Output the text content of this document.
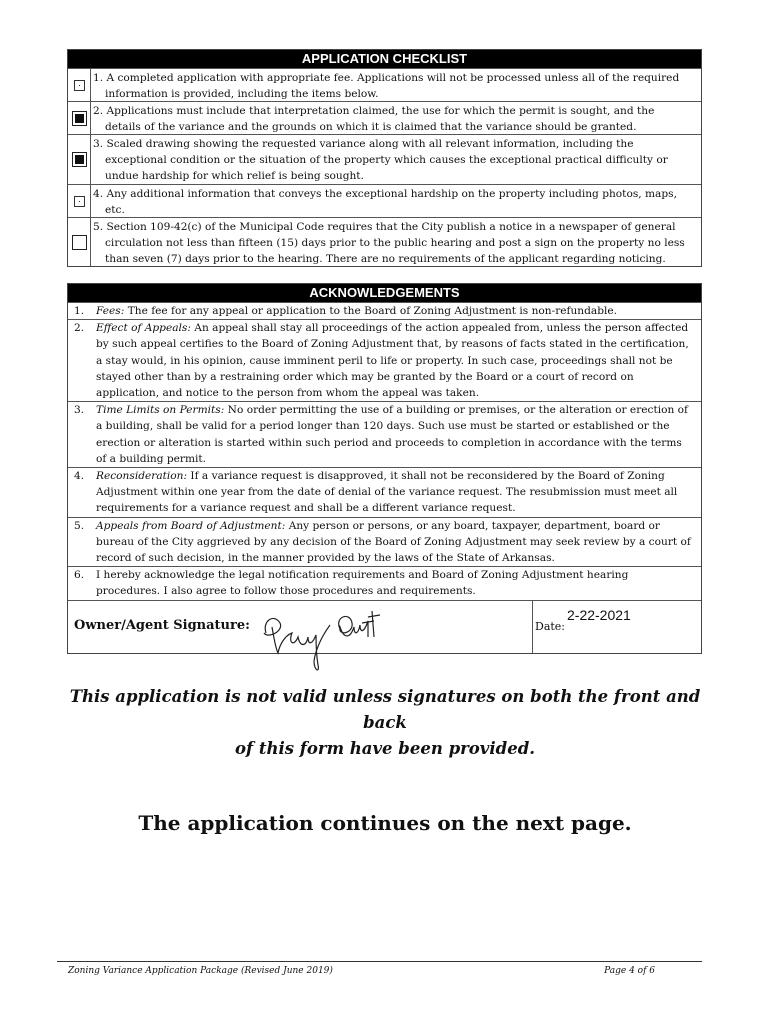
APPLICATION CHECKLIST
1. A completed application with appropriate fee. Applications will not be processed unless all of the required
information is provided, including the items below.
2. Applications must include that interpretation claimed, the use for which the permit is sought, and the
details of the variance and the grounds on which it is claimed that the variance should be granted.
3. Scaled drawing showing the requested variance along with all relevant information, including the
exceptional condition or the situation of the property which causes the exceptional practical difficulty or
undue hardship for which relief is being sought.
4. Any additional information that conveys the exceptional hardship on the property including photos, maps,
etc.
5. Section 109-42(c) of the Municipal Code requires that the City publish a notice in a newspaper of general
circulation not less than fifteen (15) days prior to the public hearing and post a sign on the property no less
than seven (7) days prior to the hearing. There are no requirements of the applicant regarding noticing.
ACKNOWLEDGEMENTS
1.	Fees: The fee for any appeal or application to the Board of Zoning Adjustment is non-refundable.
2.	Effect of Appeals: An appeal shall stay all proceedings of the action appealed from, unless the person affected by such appeal certifies to the Board of Zoning Adjustment that, by reasons of facts stated in the certification, a stay would, in his opinion, cause imminent peril to life or property. In such case, proceedings shall not be stayed other than by a restraining order which may be granted by the Board or a court of record on application, and notice to the person from whom the appeal was taken.
3.	Time Limits on Permits: No order permitting the use of a building or premises, or the alteration or erection of a building, shall be valid for a period longer than 120 days. Such use must be started or established or the erection or alteration is started within such period and proceeds to completion in accordance with the terms of a building permit.
4.	Reconsideration: If a variance request is disapproved, it shall not be reconsidered by the Board of Zoning Adjustment within one year from the date of denial of the variance request. The resubmission must meet all requirements for a variance request and shall be a different variance request.
5.	Appeals from Board of Adjustment: Any person or persons, or any board, taxpayer, department, board or bureau of the City aggrieved by any decision of the Board of Zoning Adjustment may seek review by a court of record of such decision, in the manner provided by the laws of the State of Arkansas.
6.	I hereby acknowledge the legal notification requirements and Board of Zoning Adjustment hearing procedures. I also agree to follow those procedures and requirements.
Owner/Agent Signature:	Date:
2-22-2021
This application is not valid unless signatures on both the front and back
of this form have been provided.
The application continues on the next page.
Zoning Variance Application Package (Revised June 2019)	Page 4 of 6
